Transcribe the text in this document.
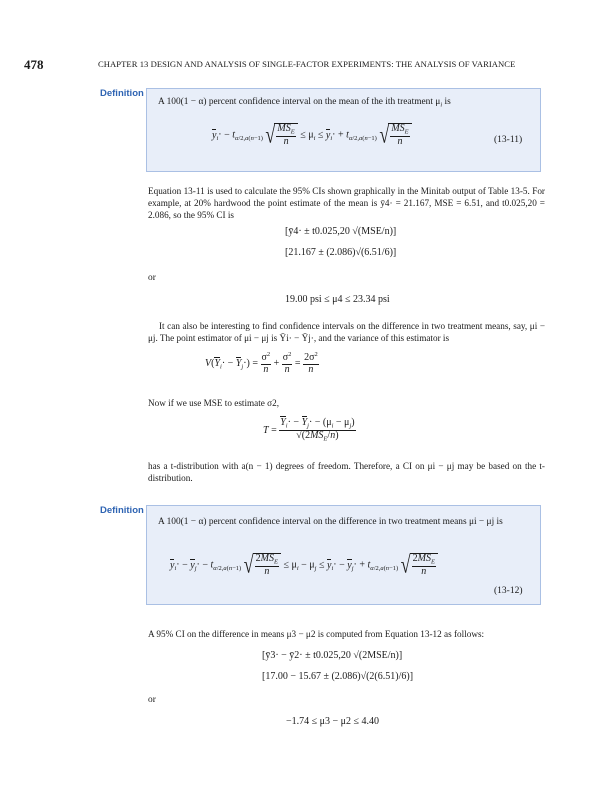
478	CHAPTER 13 DESIGN AND ANALYSIS OF SINGLE-FACTOR EXPERIMENTS: THE ANALYSIS OF VARIANCE
Definition
A 100(1 − α) percent confidence interval on the mean of the ith treatment $\mu_i$ is
$y_i\cdot - t_{\alpha/2,a(n-1)}$ √ $\frac{MS_E}{n} \le \mu_i \le y_i\cdot + t_{\alpha/2,a(n-1)}$ √ $\frac{MS_E}{n}$	(13-11)
Equation 13-11 is used to calculate the 95% CIs shown graphically in the Minitab output of Table 13-5. For example, at 20% hardwood the point estimate of the mean is ȳ4· = 21.167, MSE = 6.51, and t0.025,20 = 2.086, so the 95% CI is
[ȳ4· ± t0.025,20 √(MSE/n)]
[21.167 ± (2.086)√(6.51/6)]
or
19.00 psi ≤ μ4 ≤ 23.34 psi
It can also be interesting to find confidence intervals on the difference in two treatment means, say, μi − μj. The point estimator of μi − μj is Ȳi· − Ȳj·, and the variance of this estimator is
$V(Y_i\cdot - Y_j\cdot) = \frac{\sigma^2}{n} + \frac{\sigma^2}{n} = \frac{2\sigma^2}{n}$
Now if we use MSE to estimate σ2,
$T = \frac{Y_i\cdot - Y_j\cdot - (\mu_i - \mu_j)}{√(2MS_E/n)}$
has a t-distribution with a(n − 1) degrees of freedom. Therefore, a CI on μi − μj may be based on the t-distribution.
Definition
A 100(1 − α) percent confidence interval on the difference in two treatment means μi − μj is
$y_i\cdot - y_j\cdot - t_{\alpha/2,a(n-1)}$ √ $\frac{2MS_E}{n} \le \mu_i - \mu_j \le y_i\cdot - y_j\cdot + t_{\alpha/2,a(n-1)}$ √ $\frac{2MS_E}{n}$
(13-12)
A 95% CI on the difference in means μ3 − μ2 is computed from Equation 13-12 as follows:
[ȳ3· − ȳ2· ± t0.025,20 √(2MSE/n)]
[17.00 − 15.67 ± (2.086)√(2(6.51)/6)]
or
−1.74 ≤ μ3 − μ2 ≤ 4.40
